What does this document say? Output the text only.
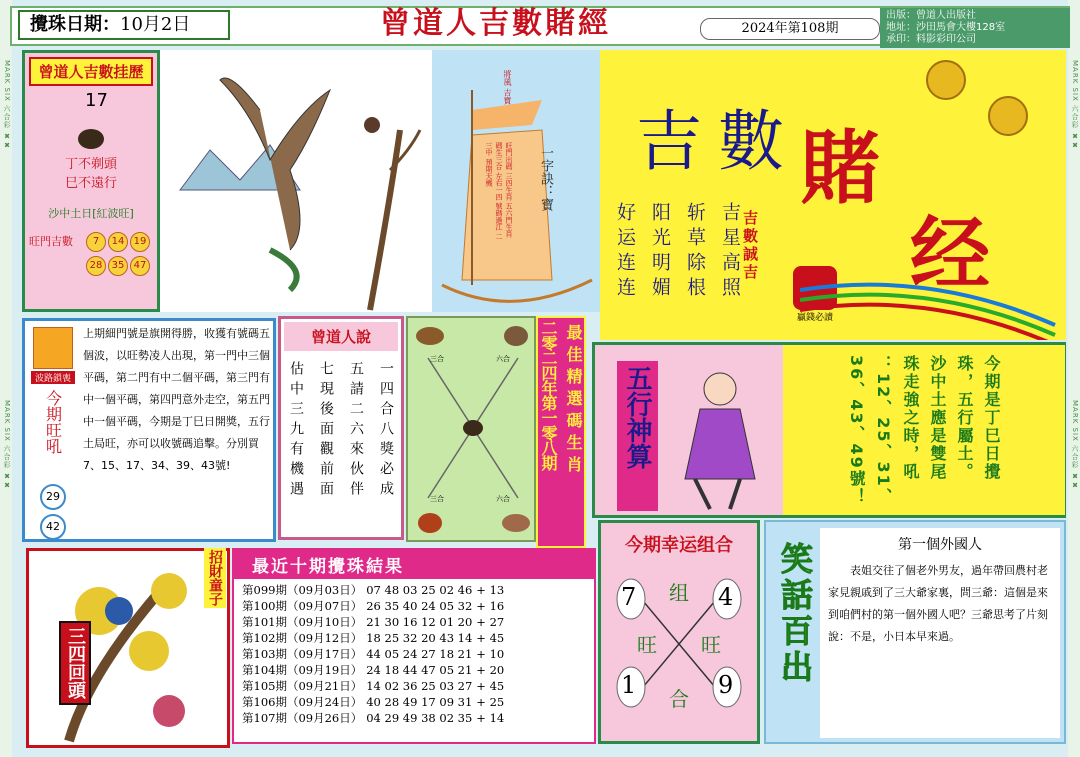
MARK SIX 六合彩 ✖✖
MARK SIX 六合彩 ✖✖
MARK SIX 六合彩 ✖✖
MARK SIX 六合彩 ✖✖
攪珠日期：10月2日	曾道人吉數賭經	2024年第108期
出版：曾道人出版社
地址：沙田馬會大樓128室
承印：料影彩印公司
曾道人吉數挂歷
17
丁不剃頭
巳不遠行
沙中土日[紅波旺]
旺門吉數	7 14 19
28 35 47
將風 吉寶
旺門出碼 三四生肖 五六門生肖 碼生三合 左右一四 號碼過江 二三中 預期天機	一字訣：寶 吉 數 賭
经
吉星高照
斩草除根
阳光明媚
好运连连	吉數誠吉
贏錢必讀
波路鎖喪
今期旺吼
29
42
上期細門號是旗開得勝，收獲有號碼五個波，以旺勢凌人出現，第一門中三個平碼，第二門有中二個平碼，第三門有中一個平碼，第四門意外走空，第五門中一個平碼，今期是丁巳日開獎，五行土局旺，亦可以收號碼追擊。分別買7、15、17、34、39、43號!
曾道人說
一四合八獎必成
五請二六來伙伴
七現後面觀前面
估中三九有機遇
三合	六合
三合	六合
最佳精選碼生肖
二零二四年第一零八期 五行神算	今期是丁巳日攪
珠，五行屬土。
沙中土應是雙尾
珠走強之時，吼
：12、25、31、
36、43、49號！
三四回頭
招財童子	最近十期攪珠結果
第099期（09月03日）	07 48 03 25 02 46	+ 13
第100期（09月07日）	26 35 40 24 05 32	+ 16
第101期（09月10日）	21 30 16 12 01 20	+ 27
第102期（09月12日）	18 25 32 20 43 14	+ 45
第103期（09月17日）	44 05 24 27 18 21	+ 10
第104期（09月19日）	24 18 44 47 05 21	+ 20
第105期（09月21日）	14 02 36 25 03 27	+ 45
第106期（09月24日）	40 28 49 17 09 31	+ 25
第107期（09月26日）	04 29 49 38 02 35	+ 14
今期幸运组合
7	4
1	9
组
旺 旺
合
笑話百出	第一個外國人
表姐交往了個老外男友，過年帶回農村老家見親戚到了三大爺家裏，問三爺：這個是來到咱們村的第一個外國人吧？三爺思考了片刻說：不是，小日本早來過。
